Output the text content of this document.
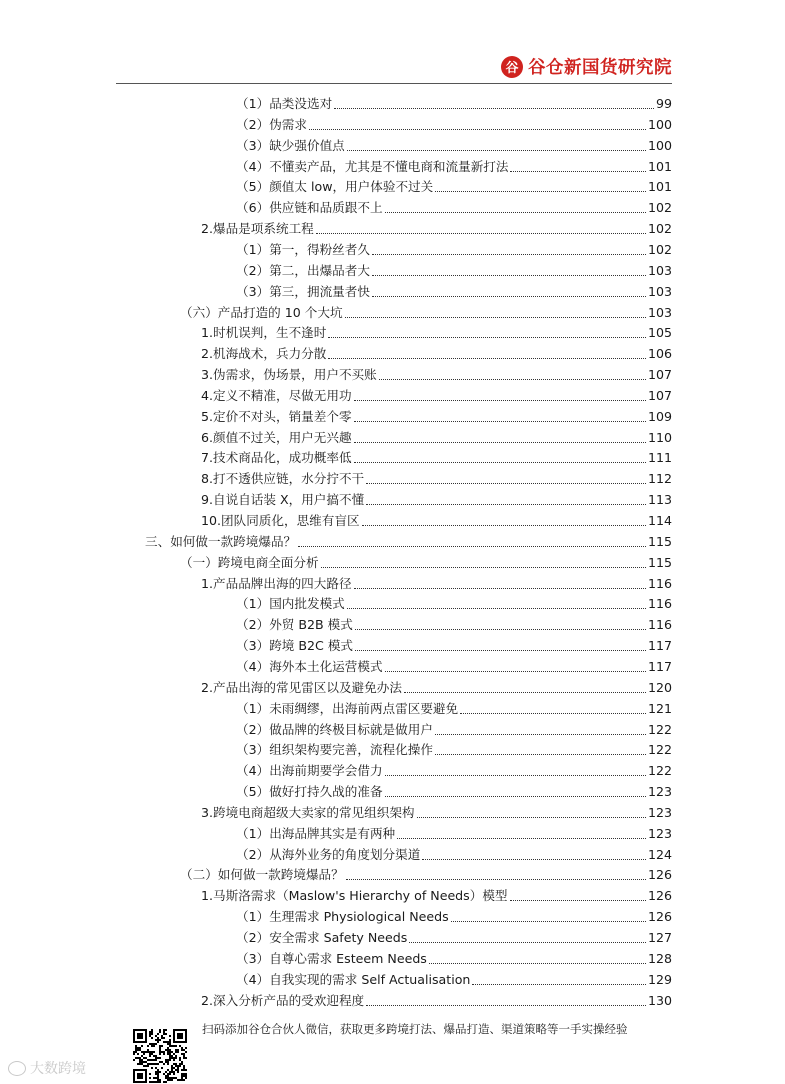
谷 谷仓新国货研究院
（1）品类没选对	99
（2）伪需求	100
（3）缺少强价值点	100
（4）不懂卖产品，尤其是不懂电商和流量新打法	101
（5）颜值太 low，用户体验不过关	101
（6）供应链和品质跟不上	102
2.爆品是项系统工程	102
（1）第一，得粉丝者久	102
（2）第二，出爆品者大	103
（3）第三，拥流量者快	103
（六）产品打造的 10 个大坑	103
1.时机误判，生不逢时	105
2.机海战术，兵力分散	106
3.伪需求，伪场景，用户不买账	107
4.定义不精准，尽做无用功	107
5.定价不对头，销量差个零	109
6.颜值不过关，用户无兴趣	110
7.技术商品化，成功概率低	111
8.打不透供应链，水分拧不干	112
9.自说自话装 X，用户搞不懂	113
10.团队同质化，思维有盲区	114
三、如何做一款跨境爆品？	115
（一）跨境电商全面分析	115
1.产品品牌出海的四大路径	116
（1）国内批发模式	116
（2）外贸 B2B 模式	116
（3）跨境 B2C 模式	117
（4）海外本土化运营模式	117
2.产品出海的常见雷区以及避免办法	120
（1）未雨绸缪，出海前两点雷区要避免	121
（2）做品牌的终极目标就是做用户	122
（3）组织架构要完善，流程化操作	122
（4）出海前期要学会借力	122
（5）做好打持久战的准备	123
3.跨境电商超级大卖家的常见组织架构	123
（1）出海品牌其实是有两种	123
（2）从海外业务的角度划分渠道	124
（二）如何做一款跨境爆品？	126
1.马斯洛需求（Maslow's Hierarchy of Needs）模型	126
（1）生理需求 Physiological Needs	126
（2）安全需求 Safety Needs	127
（3）自尊心需求 Esteem Needs	128
（4）自我实现的需求 Self Actualisation	129
2.深入分析产品的受欢迎程度	130
扫码添加谷仓合伙人微信，获取更多跨境打法、爆品打造、渠道策略等一手实操经验
大数跨境
